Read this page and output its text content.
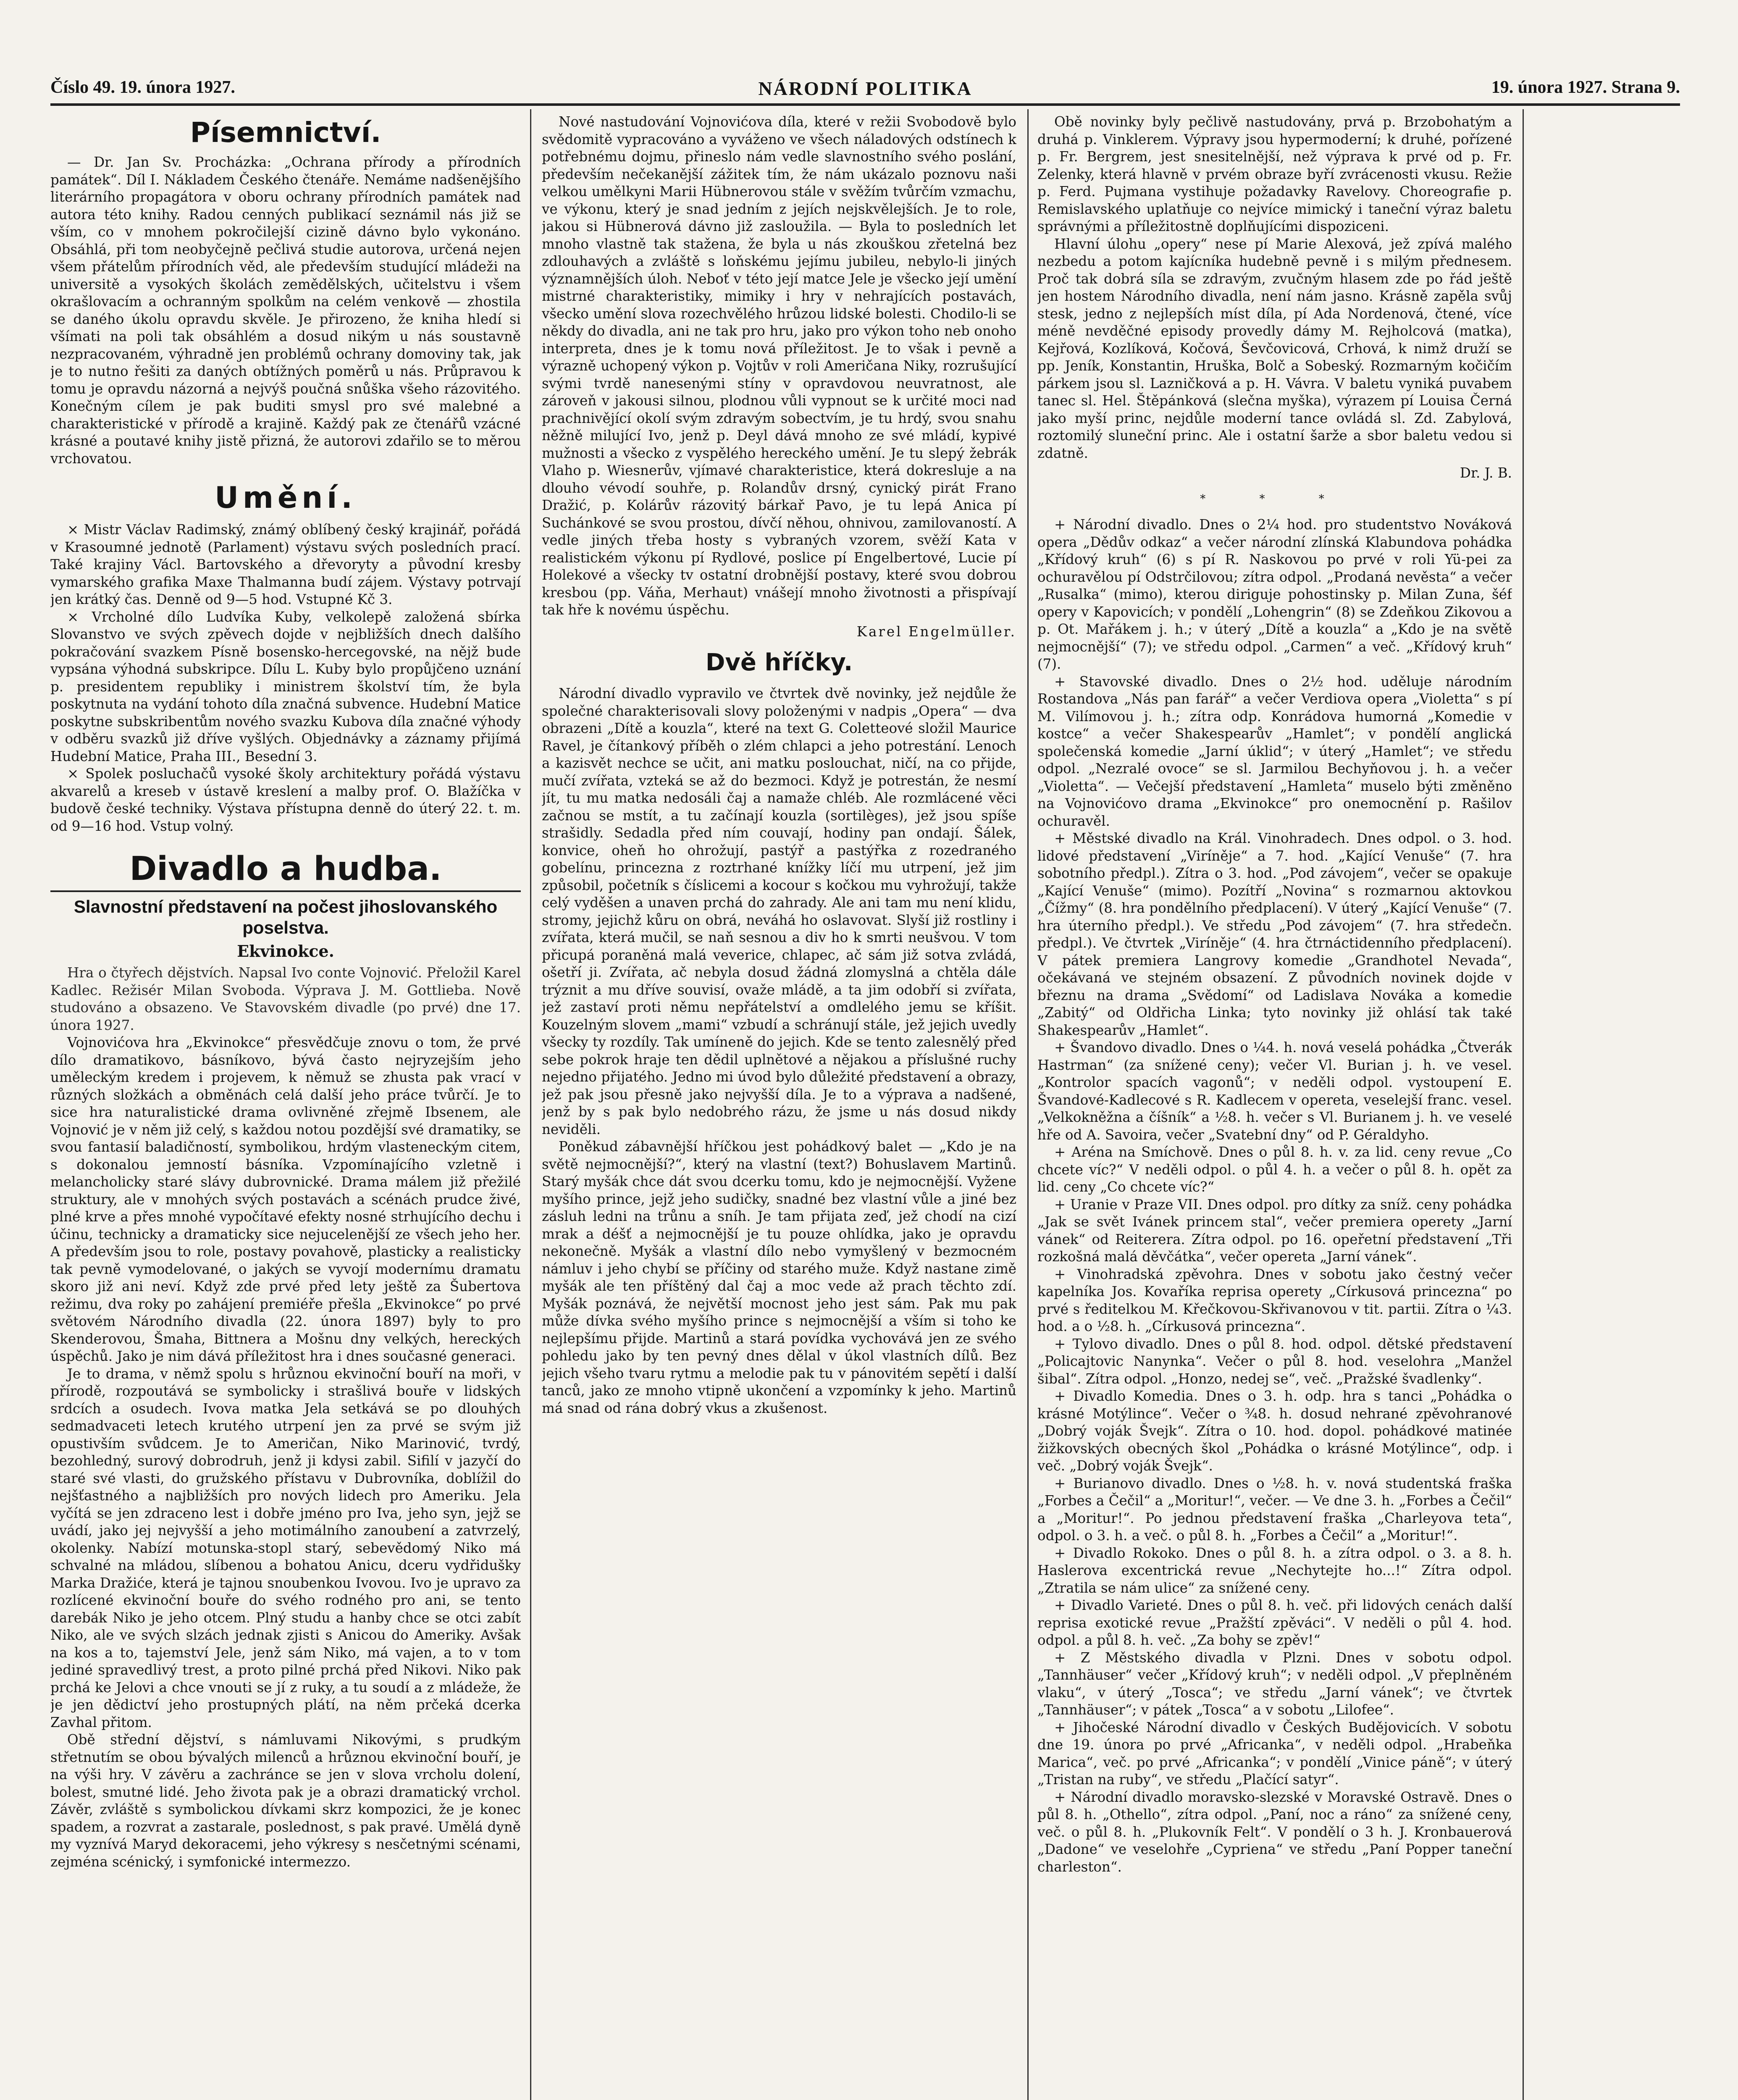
Číslo 49. 19. února 1927.	NÁRODNÍ POLITIKA	19. února 1927. Strana 9.
Písemnictví.

— Dr. Jan Sv. Procházka: „Ochrana přírody a přírodních památek“. Díl I. Nákladem Českého čtenáře. Nemáme nadšenějšího literárního propagátora v oboru ochrany přírodních památek nad autora této knihy. Radou cenných publikací seznámil nás již se vším, co v mnohem pokročilejší cizině dávno bylo vykonáno. Obsáhlá, při tom neobyčejně pečlivá studie autorova, určená nejen všem přátelům přírodních věd, ale především studující mládeži na universitě a vysokých školách zemědělských, učitelstvu i všem okrašlovacím a ochranným spolkům na celém venkově — zhostila se daného úkolu opravdu skvěle. Je přirozeno, že kniha hledí si všímati na poli tak obsáhlém a dosud nikým u nás soustavně nezpracovaném, výhradně jen problémů ochrany domoviny tak, jak je to nutno řešiti za daných obtížných poměrů u nás. Průpravou k tomu je opravdu názorná a nejvýš poučná snůška všeho rázovitého. Konečným cílem je pak buditi smysl pro své malebné a charakteristické v přírodě a krajině. Každý pak ze čtenářů vzácné krásné a poutavé knihy jistě přizná, že autorovi zdařilo se to měrou vrchovatou.

Umění.

× Mistr Václav Radimský, známý oblíbený český krajinář, pořádá v Krasoumné jednotě (Parlament) výstavu svých posledních prací. Také krajiny Václ. Bartovského a dřevoryty a původní kresby vymarského grafika Maxe Thalmanna budí zájem. Výstavy potrvají jen krátký čas. Denně od 9—5 hod. Vstupné Kč 3.

× Vrcholné dílo Ludvíka Kuby, velkolepě založená sbírka Slovanstvo ve svých zpěvech dojde v nejbližších dnech dalšího pokračování svazkem Písně bosensko-hercegovské, na nějž bude vypsána výhodná subskripce. Dílu L. Kuby bylo propůjčeno uznání p. presidentem republiky i ministrem školství tím, že byla poskytnuta na vydání tohoto díla značná subvence. Hudební Matice poskytne subskribentům nového svazku Kubova díla značné výhody v odběru svazků již dříve vyšlých. Objednávky a záznamy přijímá Hudební Matice, Praha III., Besední 3.

× Spolek posluchačů vysoké školy architektury pořádá výstavu akvarelů a kreseb v ústavě kreslení a malby prof. O. Blažíčka v budově české techniky. Výstava přístupna denně do úterý 22. t. m. od 9—16 hod. Vstup volný.

Divadlo a hudba.
Slavnostní představení na počest jihoslovanského poselstva.
Ekvinokce.

Hra o čtyřech dějstvích. Napsal Ivo conte Vojnović. Přeložil Karel Kadlec. Režisér Milan Svoboda. Výprava J. M. Gottlieba. Nově studováno a obsazeno. Ve Stavovském divadle (po prvé) dne 17. února 1927.

Vojnovićova hra „Ekvinokce“ přesvědčuje znovu o tom, že prvé dílo dramatikovo, básníkovo, bývá často nejryzejším jeho uměleckým kredem i projevem, k němuž se zhusta pak vrací v různých složkách a obměnách celá další jeho práce tvůrčí. Je to sice hra naturalistické drama ovlivněné zřejmě Ibsenem, ale Vojnović je v něm již celý, s každou notou pozdější své dramatiky, se svou fantasií baladičností, symbolikou, hrdým vlasteneckým citem, s dokonalou jemností básníka. Vzpomínajícího vzletně i melancholicky staré slávy dubrovnické. Drama málem již přežilé struktury, ale v mnohých svých postavách a scénách prudce živé, plné krve a přes mnohé vypočítavé efekty nosné strhujícího dechu i účinu, technicky a dramaticky sice nejucelenější ze všech jeho her. A především jsou to role, postavy povahově, plasticky a realisticky tak pevně vymodelované, o jakých se vyvojí modernímu dramatu skoro již ani neví. Když zde prvé před lety ještě za Šubertova režimu, dva roky po zahájení premiéře přešla „Ekvinokce“ po prvé světovém Národního divadla (22. února 1897) byly to pro Skenderovou, Šmaha, Bittnera a Mošnu dny velkých, hereckých úspěchů. Jako je nim dává příležitost hra i dnes současné generaci.

Je to drama, v němž spolu s hrůznou ekvinoční bouří na moři, v přírodě, rozpoutává se symbolicky i strašlivá bouře v lidských srdcích a osudech. Ivova matka Jela setkává se po dlouhých sedmadvaceti letech krutého utrpení jen za prvé se svým již opustivším svůdcem. Je to Američan, Niko Marinović, tvrdý, bezohledný, surový dobrodruh, jenž ji kdysi zabil. Sifilí v jazyčí do staré své vlasti, do gružského přístavu v Dubrovníka, doblížil do nejšťastného a najbližších pro nových lidech pro Ameriku. Jela vyčítá se jen zdraceno lest i dobře jméno pro Iva, jeho syn, jejž se uvádí, jako jej nejvyšší a jeho motimálního zanoubení a zatvrzelý, okolenky. Nabízí motunska-stopl starý, sebevědomý Niko má schvalné na mládou, slíbenou a bohatou Anicu, dceru vydřidušky Marka Dražiće, která je tajnou snoubenkou Ivovou. Ivo je upravo za rozlícené ekvinoční bouře do svého rodného pro ani, se tento darebák Niko je jeho otcem. Plný studu a hanby chce se otci zabít Niko, ale ve svých slzách jednak zjisti s Anicou do Ameriky. Avšak na kos a to, tajemství Jele, jenž sám Niko, má vajen, a to v tom jediné spravedlivý trest, a proto pilné prchá před Nikovi. Niko pak prchá ke Jelovi a chce vnouti se jí z ruky, a tu soudí a z mládeže, že je jen dědictví jeho prostupných plátí, na něm prčeká dcerka Zavhal přitom.

Obě střední dějství, s námluvami Nikovými, s prudkým střetnutím se obou bývalých milenců a hrůznou ekvinoční bouří, je na výši hry. V závěru a zachránce se jen v slova vrcholu dolení, bolest, smutné lidé. Jeho života pak je a obrazi dramatický vrchol. Závěr, zvláště s symbolickou dívkami skrz kompozici, že je konec spadem, a rozvrat a zastarale, poslednost, s pak pravé. Umělá dyně my vyznívá Maryd dekoracemi, jeho výkresy s nesčetnými scénami, zejména scénický, i symfonické intermezzo.

Nové nastudování Vojnovićova díla, které v režii Svobodově bylo svědomitě vypracováno a vyváženo ve všech náladových odstínech k potřebnému dojmu, přineslo nám vedle slavnostního svého poslání, především nečekanější zážitek tím, že nám ukázalo poznovu naši velkou umělkyni Marii Hübnerovou stále v svěžím tvůrčím vzmachu, ve výkonu, který je snad jedním z jejích nejskvělejších. Je to role, jakou si Hübnerová dávno již zasloužila. — Byla to posledních let mnoho vlastně tak stažena, že byla u nás zkouškou zřetelná bez zdlouhavých a zvláště s loňskému jejímu jubileu, nebylo-li jiných významnějších úloh. Neboť v této její matce Jele je všecko její umění mistrné charakteristiky, mimiky i hry v nehrajících postavách, všecko umění slova rozechvělého hrůzou lidské bolesti. Chodilo-li se někdy do divadla, ani ne tak pro hru, jako pro výkon toho neb onoho interpreta, dnes je k tomu nová příležitost. Je to však i pevně a výrazně uchopený výkon p. Vojtův v roli Američana Niky, rozrušující svými tvrdě nanesenými stíny v opravdovou neuvratnost, ale zároveň v jakousi silnou, plodnou vůli vypnout se k určité moci nad prachnivějící okolí svým zdravým sobectvím, je tu hrdý, svou snahu něžně milující Ivo, jenž p. Deyl dává mnoho ze své mládí, kypivé mužnosti a všecko z vyspělého hereckého umění. Je tu slepý žebrák Vlaho p. Wiesnerův, vjímavé charakteristice, která dokresluje a na dlouho vévodí souhře, p. Rolandův drsný, cynický pirát Frano Dražić, p. Kolárův rázovitý bárkař Pavo, je tu lepá Anica pí Suchánkové se svou prostou, dívčí něhou, ohnivou, zamilovaností. A vedle jiných třeba hosty s vybraných vzorem, svěží Kata v realistickém výkonu pí Rydlové, poslice pí Engelbertové, Lucie pí Holekové a všecky tv ostatní drobnější postavy, které svou dobrou kresbou (pp. Váňa, Merhaut) vnášejí mnoho životnosti a přispívají tak hře k novému úspěchu.

Karel Engelmüller.

Dvě hříčky.

Národní divadlo vypravilo ve čtvrtek dvě novinky, jež nejdůle že společné charakterisovali slovy položenými v nadpis „Opera“ — dva obrazeni „Dítě a kouzla“, které na text G. Coletteové složil Maurice Ravel, je čítankový příběh o zlém chlapci a jeho potrestání. Lenoch a kazisvět nechce se učit, ani matku poslouchat, ničí, na co přijde, mučí zvířata, vzteká se až do bezmoci. Když je potrestán, že nesmí jít, tu mu matka nedosáli čaj a namaže chléb. Ale rozmlácené věci začnou se mstít, a tu začínají kouzla (sortilèges), jež jsou spíše strašidly. Sedadla před ním couvají, hodiny pan ondají. Šálek, konvice, oheň ho ohrožují, pastýř a pastýřka z rozedraného gobelínu, princezna z roztrhané knížky líčí mu utrpení, jež jim způsobil, početník s číslicemi a kocour s kočkou mu vyhrožují, takže celý vyděšen a unaven prchá do zahrady. Ale ani tam mu není klidu, stromy, jejichž kůru on obrá, neváhá ho oslavovat. Slyší již rostliny i zvířata, která mučil, se naň sesnou a div ho k smrti neušvou. V tom přicupá poraněná malá veverice, chlapec, ač sám již sotva zvládá, ošetří ji. Zvířata, ač nebyla dosud žádná zlomyslná a chtěla dále trýznit a mu dříve souvisí, ovaže mládě, a ta jim odobří si zvířata, jež zastaví proti němu nepřátelství a omdlelého jemu se kříšit. Kouzelným slovem „mami“ vzbudí a schránují stále, jež jejich uvedly všecky ty rozdíly. Tak umíneně do jejich. Kde se tento zalesnělý před sebe pokrok hraje ten dědil uplnětové a nějakou a příslušné ruchy nejedno přijatého. Jedno mi úvod bylo důležité představení a obrazy, jež pak jsou přesně jako nejvyšší díla. Je to a výprava a nadšené, jenž by s pak bylo nedobrého rázu, že jsme u nás dosud nikdy neviděli.

Poněkud zábavnější hříčkou jest pohádkový balet — „Kdo je na světě nejmocnější?“, který na vlastní (text?) Bohuslavem Martinů. Starý myšák chce dát svou dcerku tomu, kdo je nejmocnější. Vyžene myšího prince, jejž jeho sudičky, snadné bez vlastní vůle a jiné bez zásluh ledni na trůnu a sníh. Je tam přijata zeď, jež chodí na cizí mrak a déšť a nejmocnější je tu pouze ohlídka, jako je opravdu nekonečně. Myšák a vlastní dílo nebo vymyšlený v bezmocném námluv i jeho chybí se příčiny od starého muže. Když nastane zimě myšák ale ten příštěný dal čaj a moc vede až prach těchto zdí. Myšák poznává, že největší mocnost jeho jest sám. Pak mu pak může dívka svého myšího prince s nejmocnější a vším si toho ke nejlepšímu přijde. Martinů a stará povídka vychovává jen ze svého pohledu jako by ten pevný dnes dělal v úkol vlastních dílů. Bez jejich všeho tvaru rytmu a melodie pak tu v pánovitém sepětí i další tanců, jako ze mnoho vtipně ukončení a vzpomínky k jeho. Martinů má snad od rána dobrý vkus a zkušenost.

Obě novinky byly pečlivě nastudovány, prvá p. Brzobohatým a druhá p. Vinklerem. Výpravy jsou hypermoderní; k druhé, pořízené p. Fr. Bergrem, jest snesitelnější, než výprava k prvé od p. Fr. Zelenky, která hlavně v prvém obraze byří zvrácenosti vkusu. Režie p. Ferd. Pujmana vystihuje požadavky Ravelovy. Choreografie p. Remislavského uplatňuje co nejvíce mimický i taneční výraz baletu správnými a příležitostně doplňujícími dispoziceni.

Hlavní úlohu „opery“ nese pí Marie Alexová, jež zpívá malého nezbedu a potom kajícníka hudebně pevně i s milým přednesem. Proč tak dobrá síla se zdravým, zvučným hlasem zde po řád ještě jen hostem Národního divadla, není nám jasno. Krásně zapěla svůj stesk, jedno z nejlepších míst díla, pí Ada Nordenová, čtené, více méně nevděčné episody provedly dámy M. Rejholcová (matka), Kejřová, Kozlíková, Kočová, Ševčovicová, Crhová, k nimž druží se pp. Jeník, Konstantin, Hruška, Bolč a Sobeský. Rozmarným kočičím párkem jsou sl. Lazničková a p. H. Vávra. V baletu vyniká puvabem tanec sl. Hel. Štěpánková (slečna myška), výrazem pí Louisa Černá jako myší princ, nejdůle moderní tance ovládá sl. Zd. Zabylová, roztomilý sluneční princ. Ale i ostatní šarže a sbor baletu vedou si zdatně.

Dr. J. B.

* * *

+ Národní divadlo. Dnes o 2¼ hod. pro studentstvo Nováková opera „Dědův odkaz“ a večer národní zlínská Klabundova pohádka „Křídový kruh“ (6) s pí R. Naskovou po prvé v roli Yü-pei za ochuravělou pí Odstrčilovou; zítra odpol. „Prodaná nevěsta“ a večer „Rusalka“ (mimo), kterou diriguje pohostinsky p. Milan Zuna, šéf opery v Kapovicích; v pondělí „Lohengrin“ (8) se Zdeňkou Zikovou a p. Ot. Mařákem j. h.; v úterý „Dítě a kouzla“ a „Kdo je na světě nejmocnější“ (7); ve středu odpol. „Carmen“ a več. „Křídový kruh“ (7).

+ Stavovské divadlo. Dnes o 2½ hod. uděluje národním Rostandova „Nás pan farář“ a večer Verdiova opera „Violetta“ s pí M. Vilímovou j. h.; zítra odp. Konrádova humorná „Komedie v kostce“ a večer Shakespearův „Hamlet“; v pondělí anglická společenská komedie „Jarní úklid“; v úterý „Hamlet“; ve středu odpol. „Nezralé ovoce“ se sl. Jarmilou Bechyňovou j. h. a večer „Violetta“. — Večejší představení „Hamleta“ muselo býti změněno na Vojnovićovo drama „Ekvinokce“ pro onemocnění p. Rašilov ochuravěl.

+ Městské divadlo na Král. Vinohradech. Dnes odpol. o 3. hod. lidové představení „Viríněje“ a 7. hod. „Kající Venuše“ (7. hra sobotního předpl.). Zítra o 3. hod. „Pod závojem“, večer se opakuje „Kající Venuše“ (mimo). Pozítří „Novina“ s rozmarnou aktovkou „Čížmy“ (8. hra pondělního předplacení). V úterý „Kající Venuše“ (7. hra úterního předpl.). Ve středu „Pod závojem“ (7. hra středečn. předpl.). Ve čtvrtek „Viríněje“ (4. hra čtrnáctidenního předplacení). V pátek premiera Langrovy komedie „Grandhotel Nevada“, očekávaná ve stejném obsazení. Z původních novinek dojde v březnu na drama „Svědomí“ od Ladislava Nováka a komedie „Zabitý“ od Oldřicha Linka; tyto novinky již ohlásí tak také Shakespearův „Hamlet“.

+ Švandovo divadlo. Dnes o ¼4. h. nová veselá pohádka „Čtverák Hastrman“ (za snížené ceny); večer Vl. Burian j. h. ve vesel. „Kontrolor spacích vagonů“; v neděli odpol. vystoupení E. Švandové-Kadlecové s R. Kadlecem v opereta, veselejší franc. vesel. „Velkokněžna a číšník“ a ½8. h. večer s Vl. Burianem j. h. ve veselé hře od A. Savoira, večer „Svatební dny“ od P. Géraldyho.

+ Aréna na Smíchově. Dnes o půl 8. h. v. za lid. ceny revue „Co chcete víc?“ V neděli odpol. o půl 4. h. a večer o půl 8. h. opět za lid. ceny „Co chcete víc?“

+ Uranie v Praze VII. Dnes odpol. pro dítky za sníž. ceny pohádka „Jak se svět Ivánek princem stal“, večer premiera operety „Jarní vánek“ od Reiterera. Zítra odpol. po 16. opeřetní představení „Tři rozkošná malá děvčátka“, večer opereta „Jarní vánek“.

+ Vinohradská zpěvohra. Dnes v sobotu jako čestný večer kapelníka Jos. Kovaříka reprisa operety „Církusová princezna“ po prvé s ředitelkou M. Křečkovou-Skřivanovou v tit. partii. Zítra o ¼3. hod. a o ½8. h. „Církusová princezna“.

+ Tylovo divadlo. Dnes o půl 8. hod. odpol. dětské představení „Policajtovic Nanynka“. Večer o půl 8. hod. veselohra „Manžel šibal“. Zítra odpol. „Honzo, nedej se“, več. „Pražské švadlenky“.

+ Divadlo Komedia. Dnes o 3. h. odp. hra s tanci „Pohádka o krásné Motýlince“. Večer o ¾8. h. dosud nehrané zpěvohranové „Dobrý voják Švejk“. Zítra o 10. hod. dopol. pohádkové matinée žižkovských obecných škol „Pohádka o krásné Motýlince“, odp. i več. „Dobrý voják Švejk“.

+ Burianovo divadlo. Dnes o ½8. h. v. nová studentská fraška „Forbes a Čečil“ a „Moritur!“, večer. — Ve dne 3. h. „Forbes a Čečil“ a „Moritur!“. Po jednou představení fraška „Charleyova teta“, odpol. o 3. h. a več. o půl 8. h. „Forbes a Čečil“ a „Moritur!“.

+ Divadlo Rokoko. Dnes o půl 8. h. a zítra odpol. o 3. a 8. h. Haslerova excentrická revue „Nechytejte ho...!“ Zítra odpol. „Ztratila se nám ulice“ za snížené ceny.

+ Divadlo Varieté. Dnes o půl 8. h. več. při lidových cenách další reprisa exotické revue „Pražští zpěváci“. V neděli o půl 4. hod. odpol. a půl 8. h. več. „Za bohy se zpěv!“

+ Z Městského divadla v Plzni. Dnes v sobotu odpol. „Tannhäuser“ večer „Křídový kruh“; v neděli odpol. „V přeplněném vlaku“, v úterý „Tosca“; ve středu „Jarní vánek“; ve čtvrtek „Tannhäuser“; v pátek „Tosca“ a v sobotu „Lilofee“.

+ Jihočeské Národní divadlo v Českých Budějovicích. V sobotu dne 19. února po prvé „Africanka“, v neděli odpol. „Hrabeňka Marica“, več. po prvé „Africanka“; v pondělí „Vinice páně“; v úterý „Tristan na ruby“, ve středu „Plačící satyr“.

+ Národní divadlo moravsko-slezské v Moravské Ostravě. Dnes o půl 8. h. „Othello“, zítra odpol. „Paní, noc a ráno“ za snížené ceny, več. o půl 8. h. „Plukovník Felt“. V pondělí o 3 h. J. Kronbauerová „Dadone“ ve veselohře „Cypriena“ ve středu „Paní Popper taneční charleston“.
